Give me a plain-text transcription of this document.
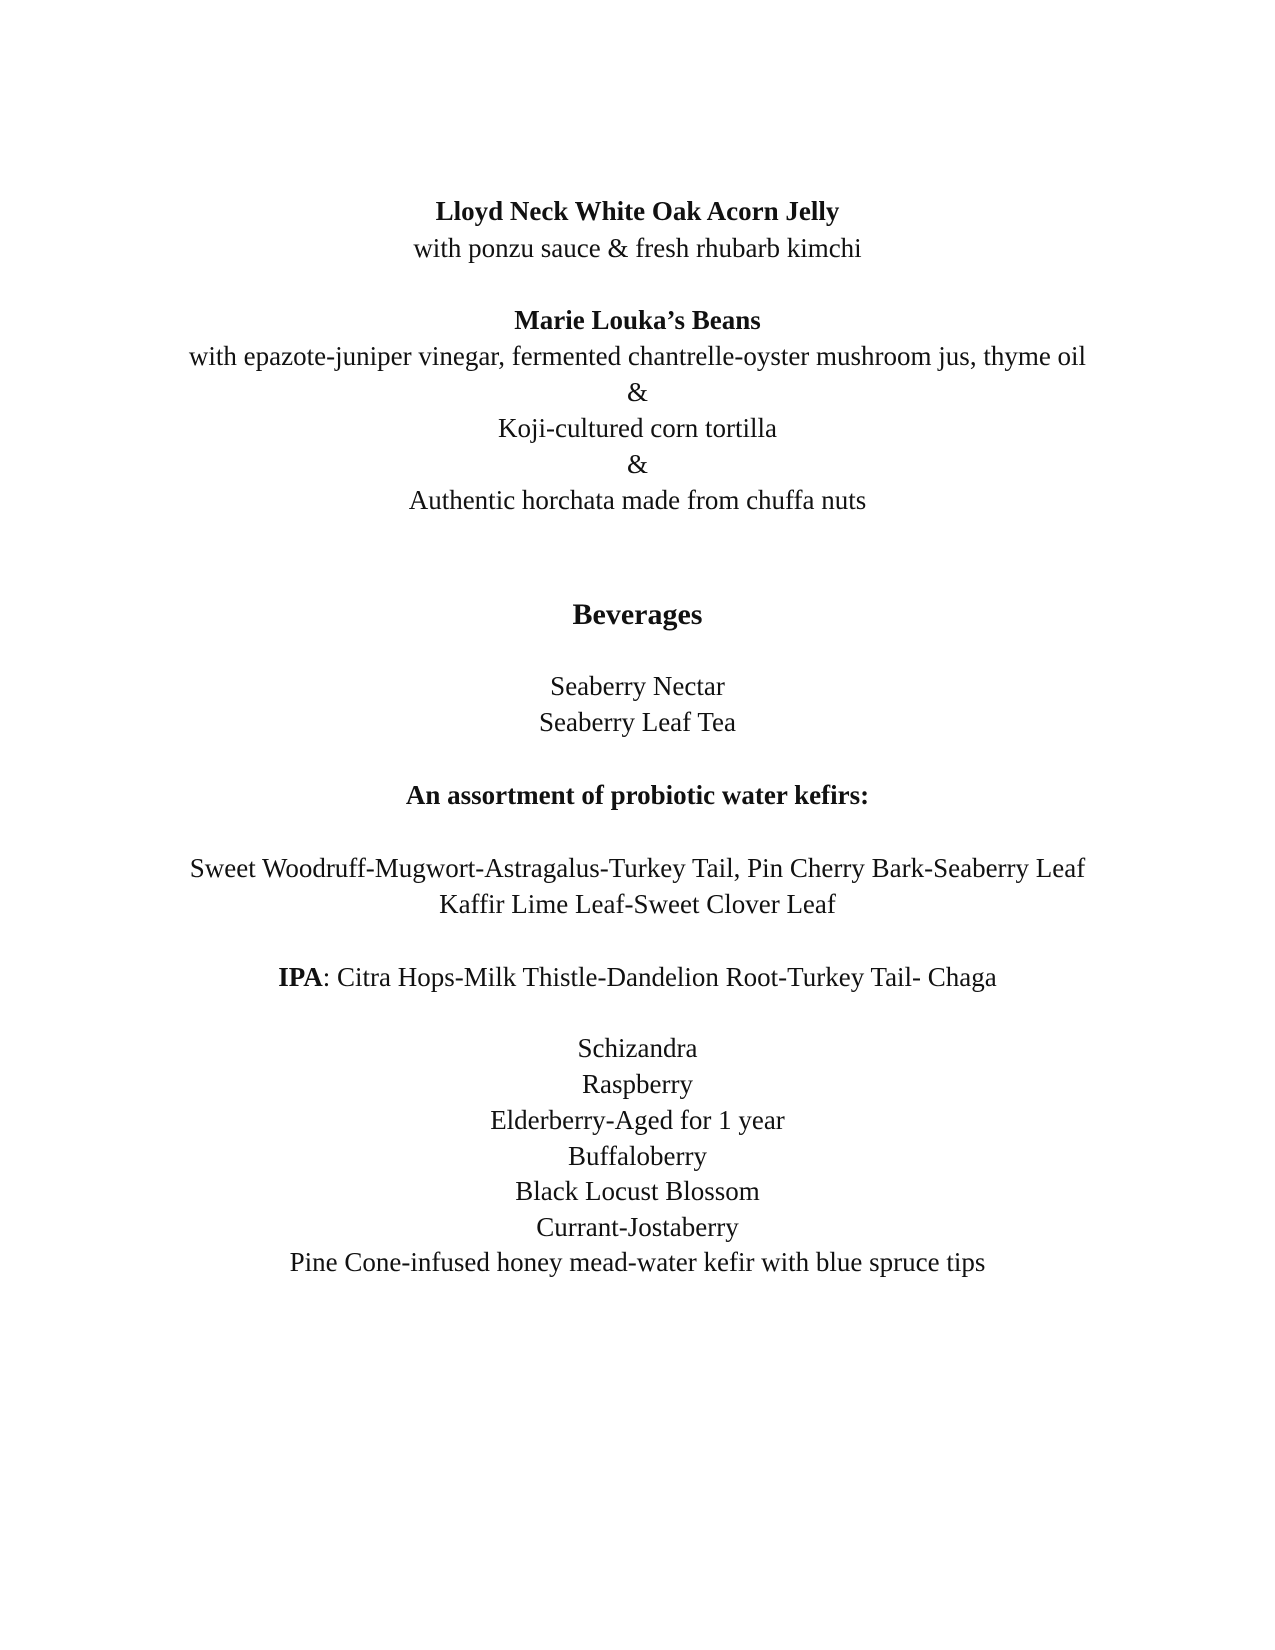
Lloyd Neck White Oak Acorn Jelly
with ponzu sauce & fresh rhubarb kimchi
Marie Louka’s Beans
with epazote-juniper vinegar, fermented chantrelle-oyster mushroom jus, thyme oil
&
Koji-cultured corn tortilla
&
Authentic horchata made from chuffa nuts
Beverages
Seaberry Nectar
Seaberry Leaf Tea
An assortment of probiotic water kefirs:
Sweet Woodruff-Mugwort-Astragalus-Turkey Tail, Pin Cherry Bark-Seaberry Leaf
Kaffir Lime Leaf-Sweet Clover Leaf
IPA: Citra Hops-Milk Thistle-Dandelion Root-Turkey Tail- Chaga
Schizandra
Raspberry
Elderberry-Aged for 1 year
Buffaloberry
Black Locust Blossom
Currant-Jostaberry
Pine Cone-infused honey mead-water kefir with blue spruce tips
